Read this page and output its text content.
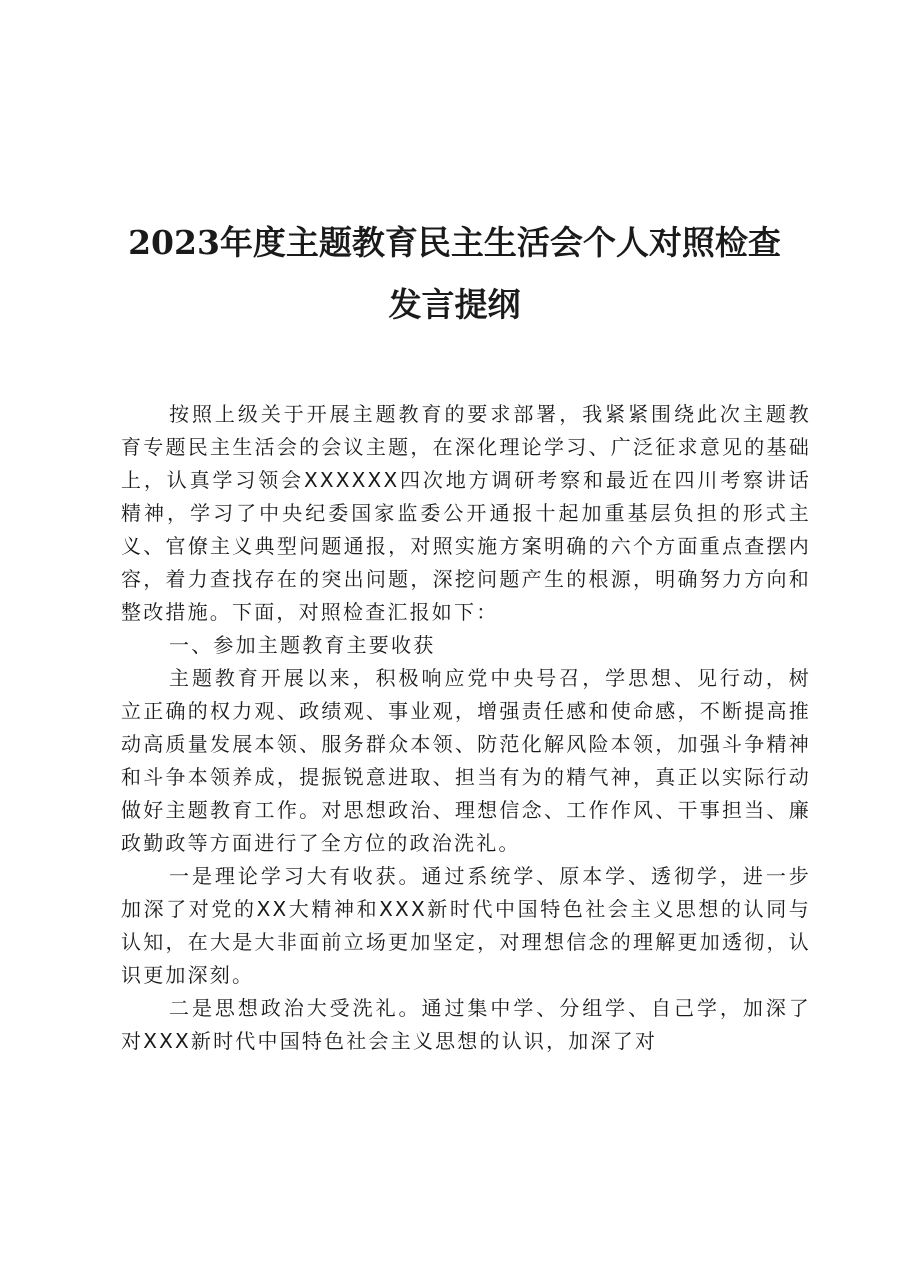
2023年度主题教育民主生活会个人对照检查
发言提纲

按照上级关于开展主题教育的要求部署，我紧紧围绕此次主题教育专题民主生活会的会议主题，在深化理论学习、广泛征求意见的基础上，认真学习领会XXXXXX四次地方调研考察和最近在四川考察讲话精神，学习了中央纪委国家监委公开通报十起加重基层负担的形式主义、官僚主义典型问题通报，对照实施方案明确的六个方面重点查摆内容，着力查找存在的突出问题，深挖问题产生的根源，明确努力方向和整改措施。下面，对照检查汇报如下：

一、参加主题教育主要收获

主题教育开展以来，积极响应党中央号召，学思想、见行动，树立正确的权力观、政绩观、事业观，增强责任感和使命感，不断提高推动高质量发展本领、服务群众本领、防范化解风险本领，加强斗争精神和斗争本领养成，提振锐意进取、担当有为的精气神，真正以实际行动做好主题教育工作。对思想政治、理想信念、工作作风、干事担当、廉政勤政等方面进行了全方位的政治洗礼。

一是理论学习大有收获。通过系统学、原本学、透彻学，进一步加深了对党的XX大精神和XXX新时代中国特色社会主义思想的认同与认知，在大是大非面前立场更加坚定，对理想信念的理解更加透彻，认识更加深刻。

二是思想政治大受洗礼。通过集中学、分组学、自己学，加深了对XXX新时代中国特色社会主义思想的认识，加深了对
